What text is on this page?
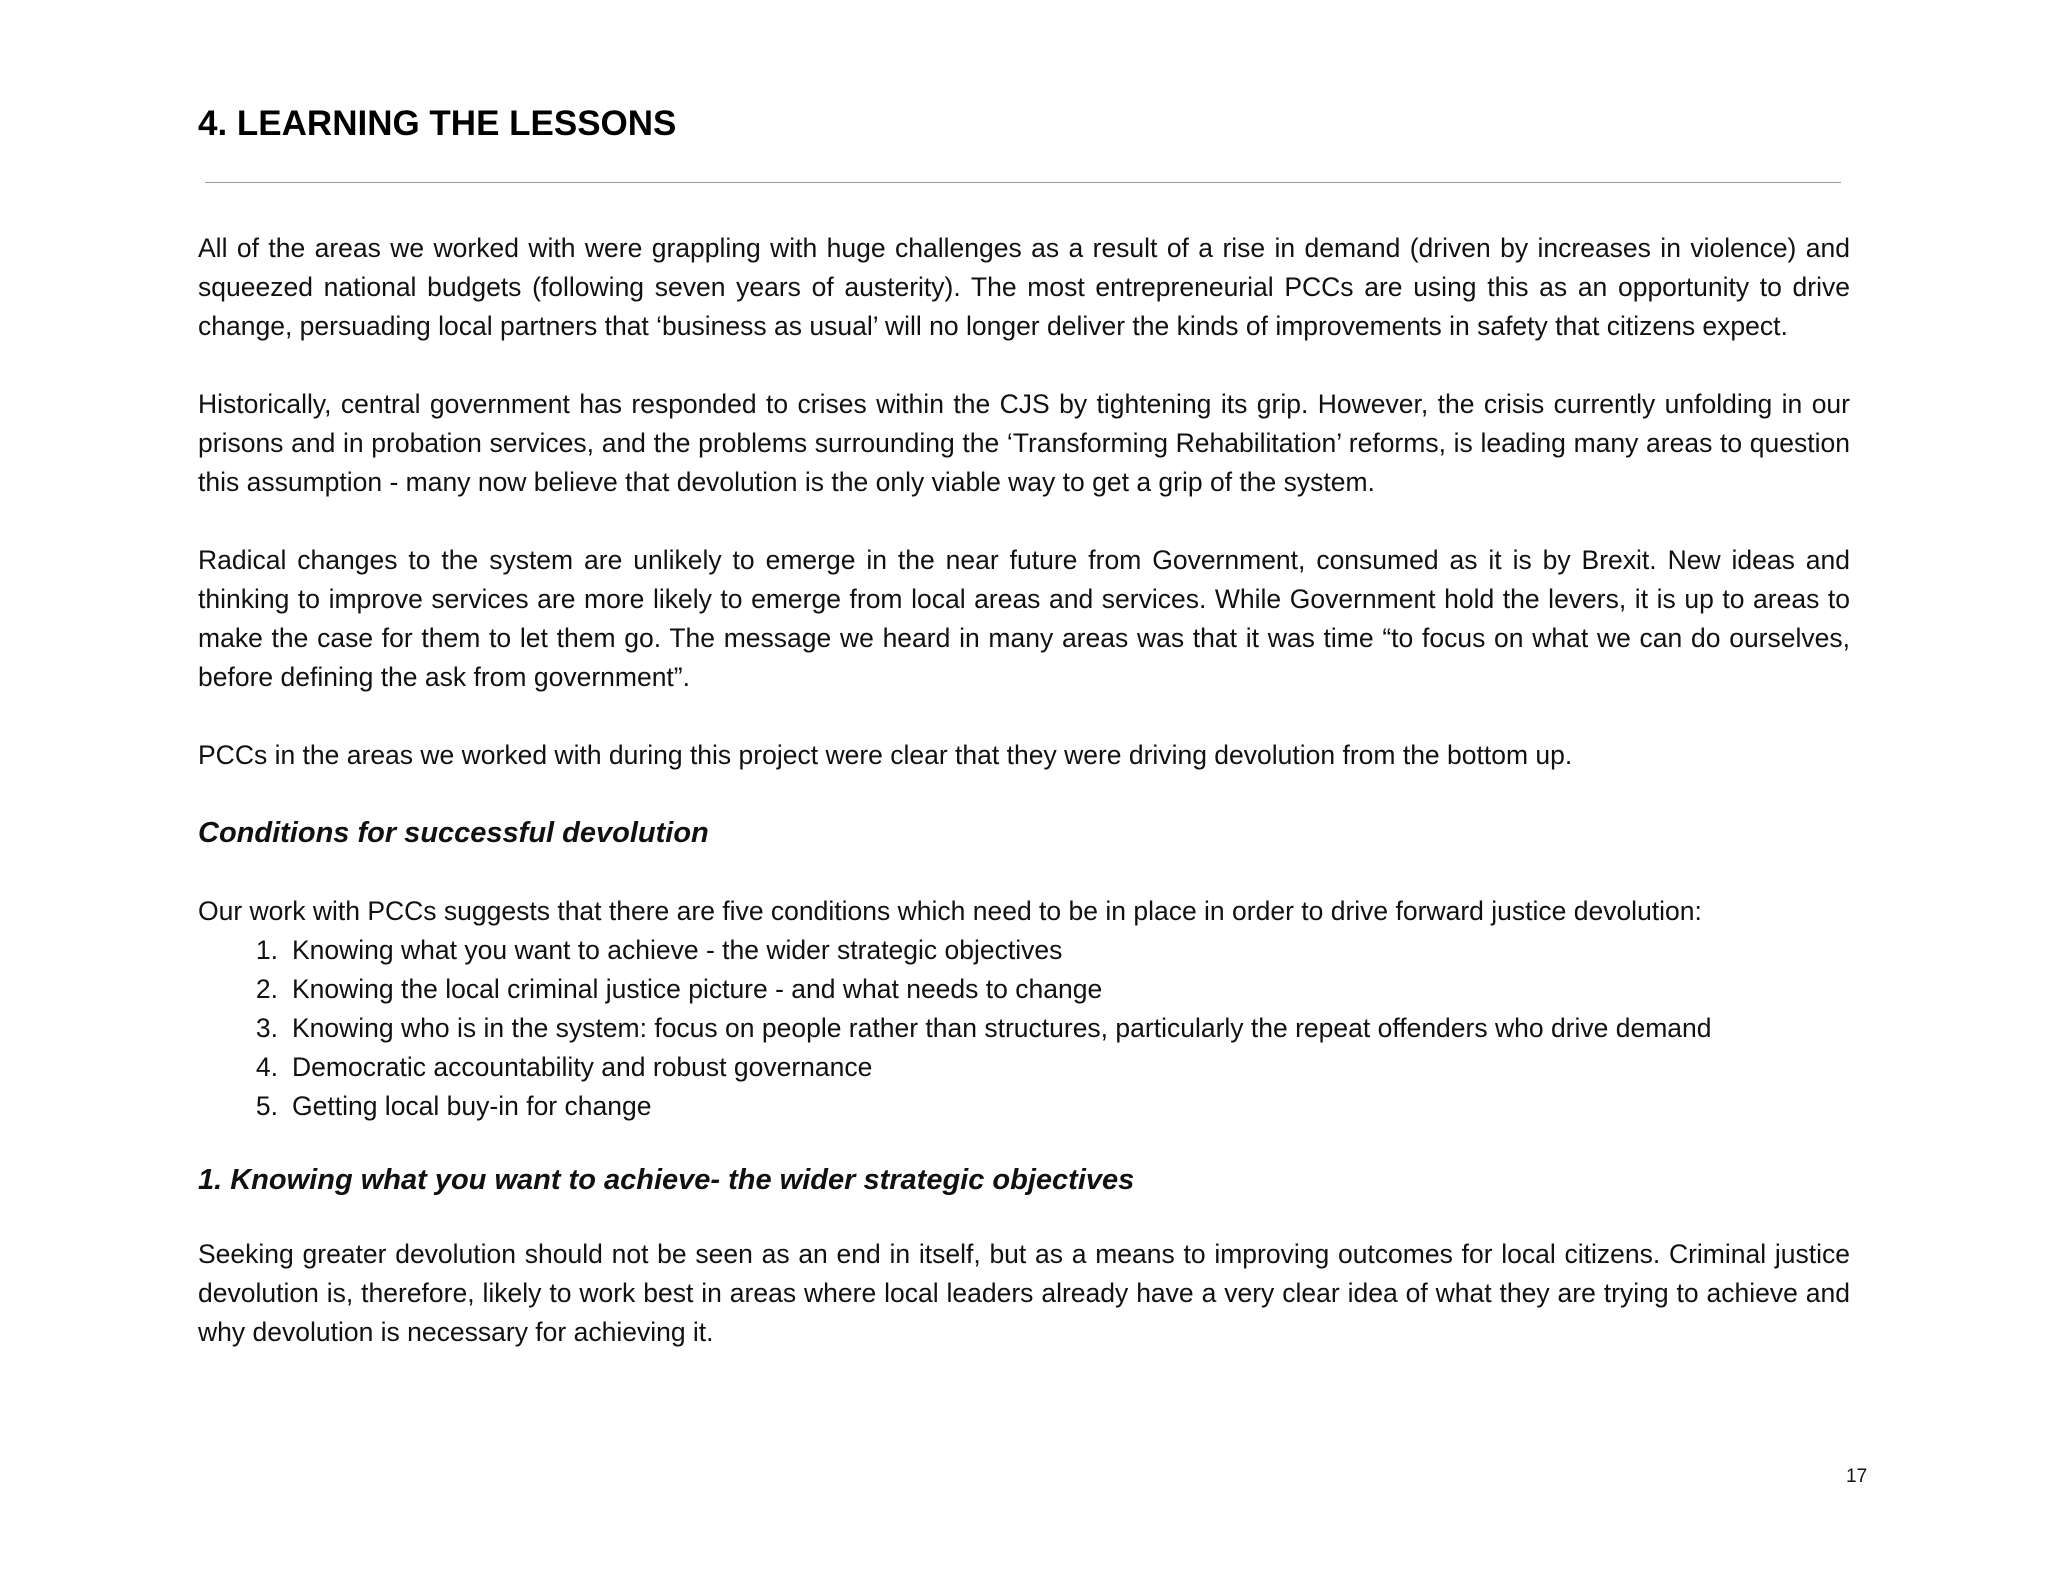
4. LEARNING THE LESSONS

All of the areas we worked with were grappling with huge challenges as a result of a rise in demand (driven by increases in violence) and squeezed national budgets (following seven years of austerity). The most entrepreneurial PCCs are using this as an opportunity to drive change, persuading local partners that ‘business as usual’ will no longer deliver the kinds of improvements in safety that citizens expect.

Historically, central government has responded to crises within the CJS by tightening its grip. However, the crisis currently unfolding in our prisons and in probation services, and the problems surrounding the ‘Transforming Rehabilitation’ reforms, is leading many areas to question this assumption - many now believe that devolution is the only viable way to get a grip of the system.

Radical changes to the system are unlikely to emerge in the near future from Government, consumed as it is by Brexit. New ideas and thinking to improve services are more likely to emerge from local areas and services. While Government hold the levers, it is up to areas to make the case for them to let them go. The message we heard in many areas was that it was time “to focus on what we can do ourselves, before defining the ask from government”.

PCCs in the areas we worked with during this project were clear that they were driving devolution from the bottom up.

Conditions for successful devolution

Our work with PCCs suggests that there are five conditions which need to be in place in order to drive forward justice devolution:

1. Knowing what you want to achieve - the wider strategic objectives
2. Knowing the local criminal justice picture - and what needs to change
3. Knowing who is in the system: focus on people rather than structures, particularly the repeat offenders who drive demand
4. Democratic accountability and robust governance
5. Getting local buy-in for change
1. Knowing what you want to achieve- the wider strategic objectives

Seeking greater devolution should not be seen as an end in itself, but as a means to improving outcomes for local citizens. Criminal justice devolution is, therefore, likely to work best in areas where local leaders already have a very clear idea of what they are trying to achieve and why devolution is necessary for achieving it.

17
